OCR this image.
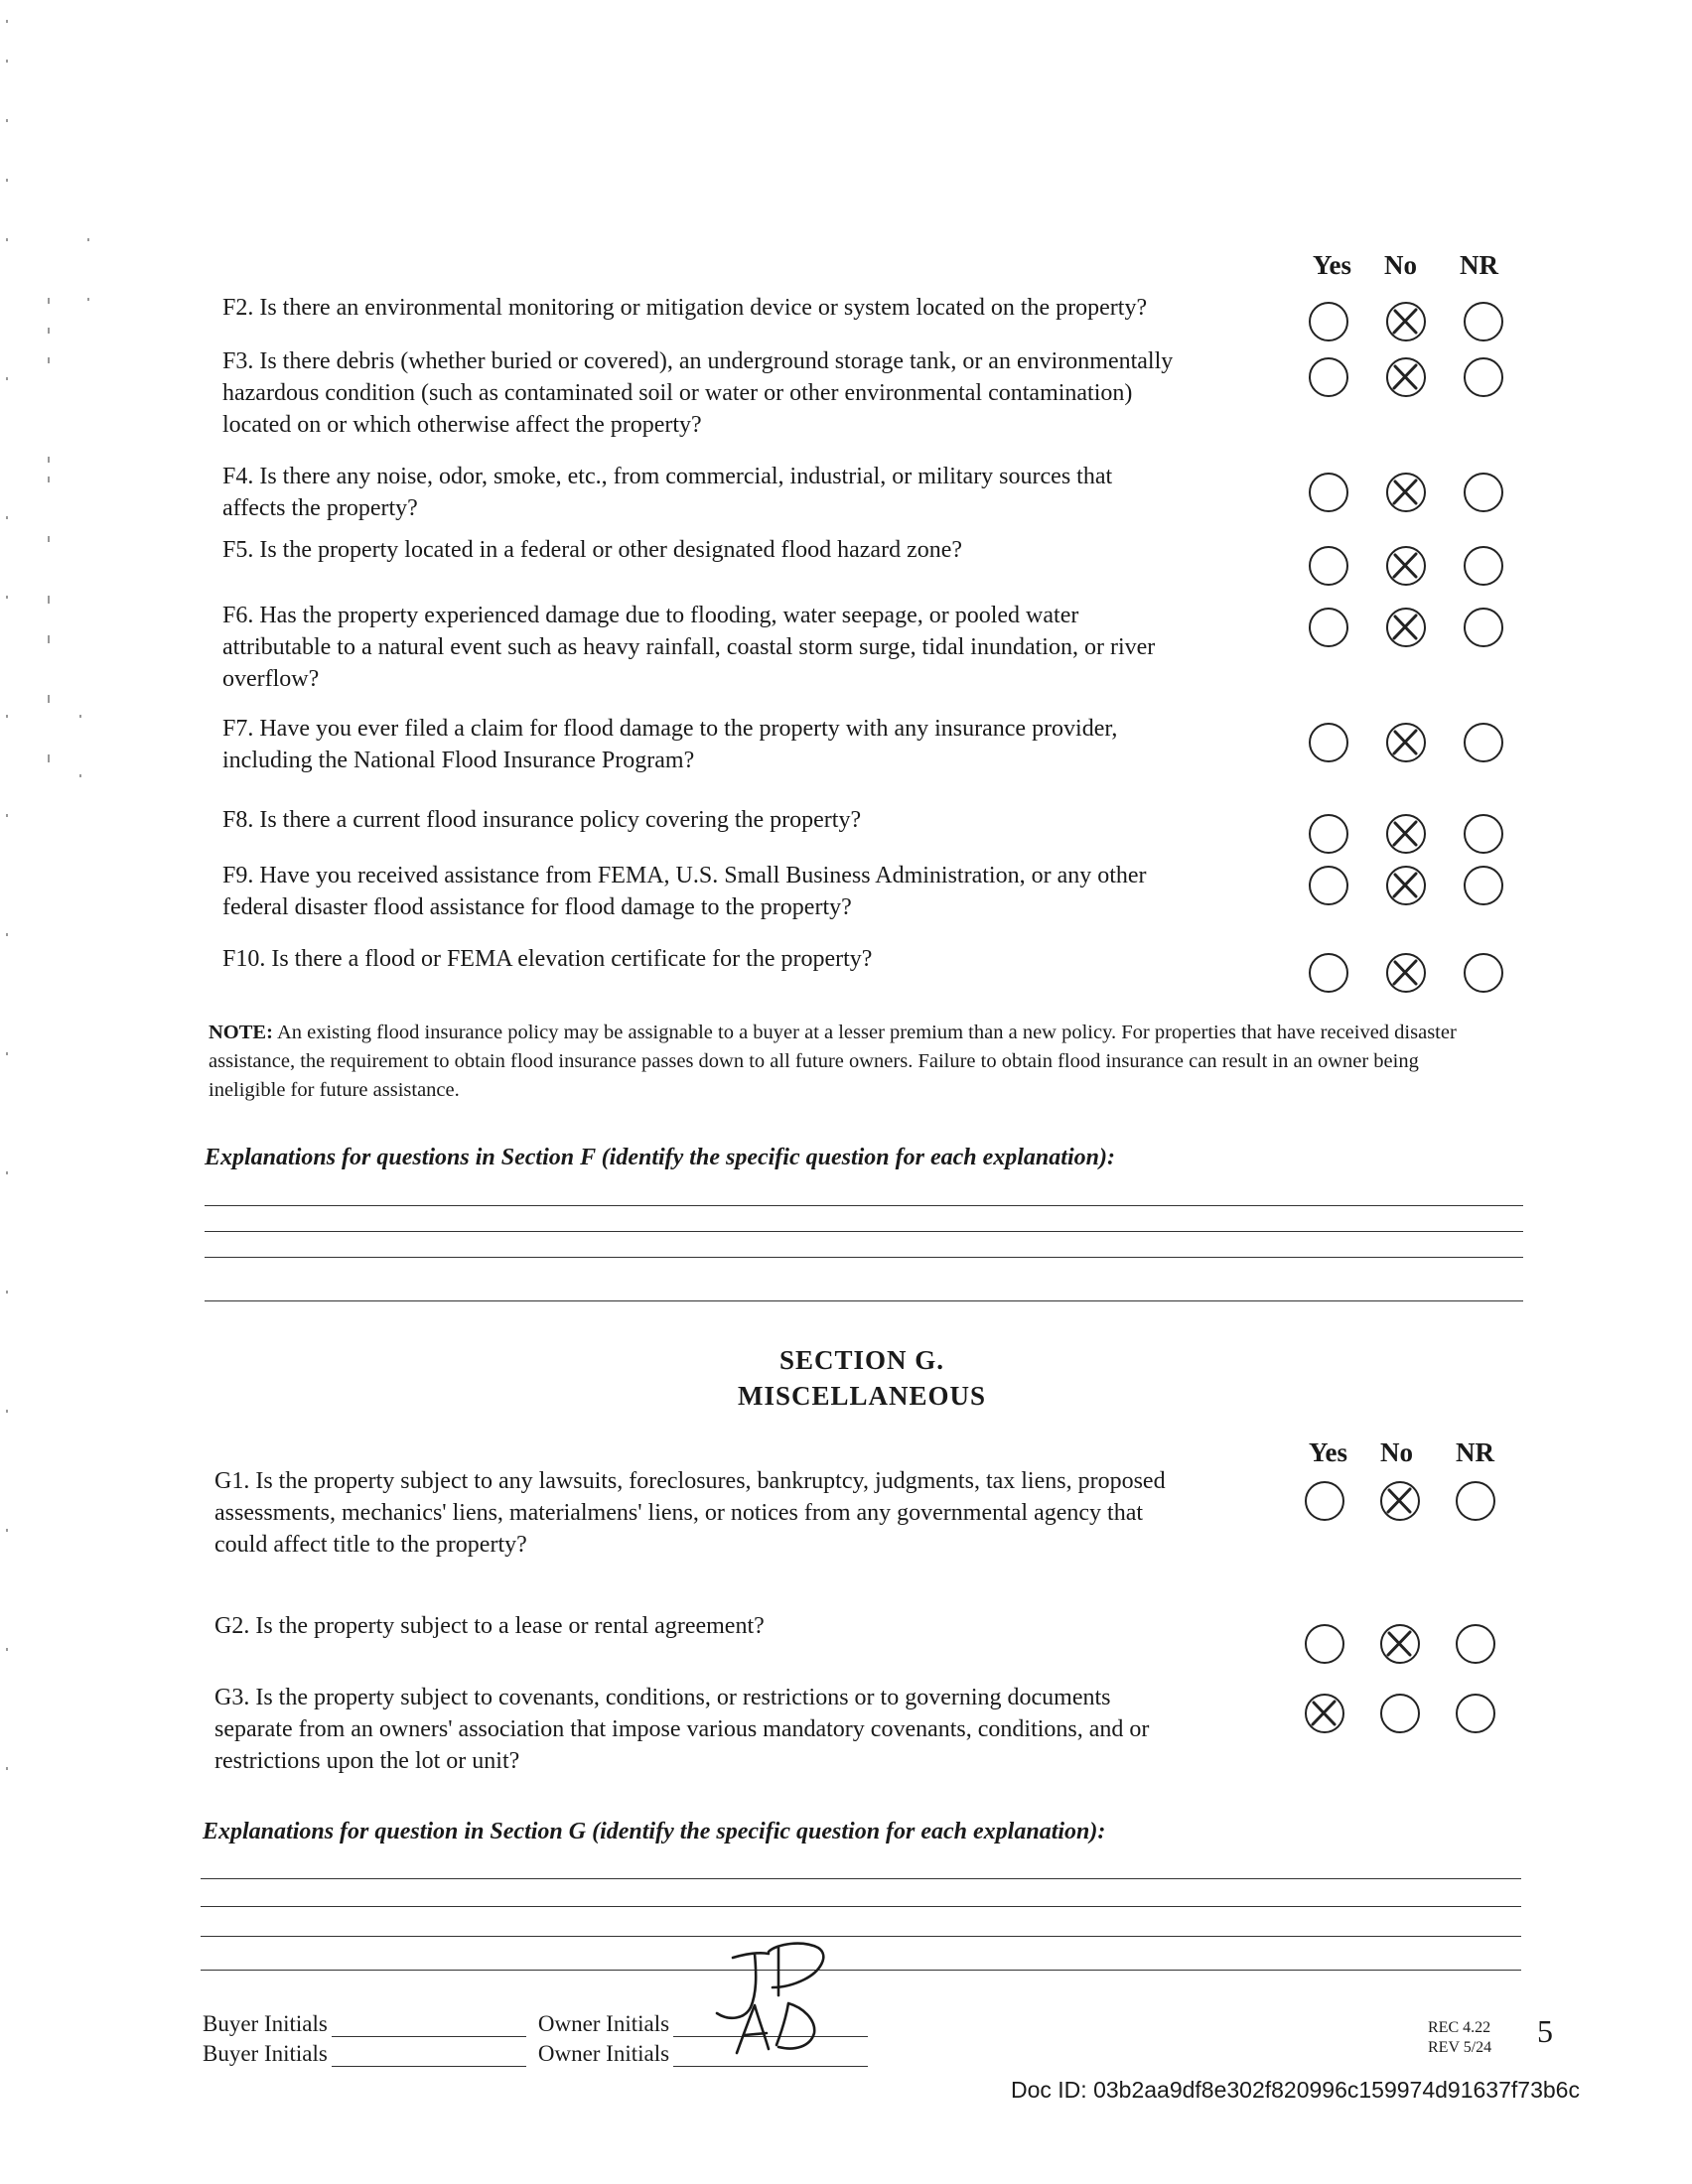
Yes No NR
F2. Is there an environmental monitoring or mitigation device or system located on the property?
F3. Is there debris (whether buried or covered), an underground storage tank, or an environmentally
hazardous condition (such as contaminated soil or water or other environmental contamination)
located on or which otherwise affect the property?
F4. Is there any noise, odor, smoke, etc., from commercial, industrial, or military sources that
affects the property?
F5. Is the property located in a federal or other designated flood hazard zone?
F6. Has the property experienced damage due to flooding, water seepage, or pooled water
attributable to a natural event such as heavy rainfall, coastal storm surge, tidal inundation, or river
overflow?
F7. Have you ever filed a claim for flood damage to the property with any insurance provider,
including the National Flood Insurance Program?
F8. Is there a current flood insurance policy covering the property?
F9. Have you received assistance from FEMA, U.S. Small Business Administration, or any other
federal disaster flood assistance for flood damage to the property?
F10. Is there a flood or FEMA elevation certificate for the property?
NOTE: An existing flood insurance policy may be assignable to a buyer at a lesser premium than a new policy. For properties that have received disaster assistance, the requirement to obtain flood insurance passes down to all future owners. Failure to obtain flood insurance can result in an owner being ineligible for future assistance.
Explanations for questions in Section F (identify the specific question for each explanation):
SECTION G.
MISCELLANEOUS
Yes No NR
G1. Is the property subject to any lawsuits, foreclosures, bankruptcy, judgments, tax liens, proposed
assessments, mechanics' liens, materialmens' liens, or notices from any governmental agency that
could affect title to the property?
G2. Is the property subject to a lease or rental agreement?
G3. Is the property subject to covenants, conditions, or restrictions or to governing documents
separate from an owners' association that impose various mandatory covenants, conditions, and or
restrictions upon the lot or unit?
Explanations for question in Section G (identify the specific question for each explanation):
Buyer Initials	Owner Initials
Buyer Initials	Owner Initials
REC 4.22
REV 5/24 5
Doc ID: 03b2aa9df8e302f820996c159974d91637f73b6c
